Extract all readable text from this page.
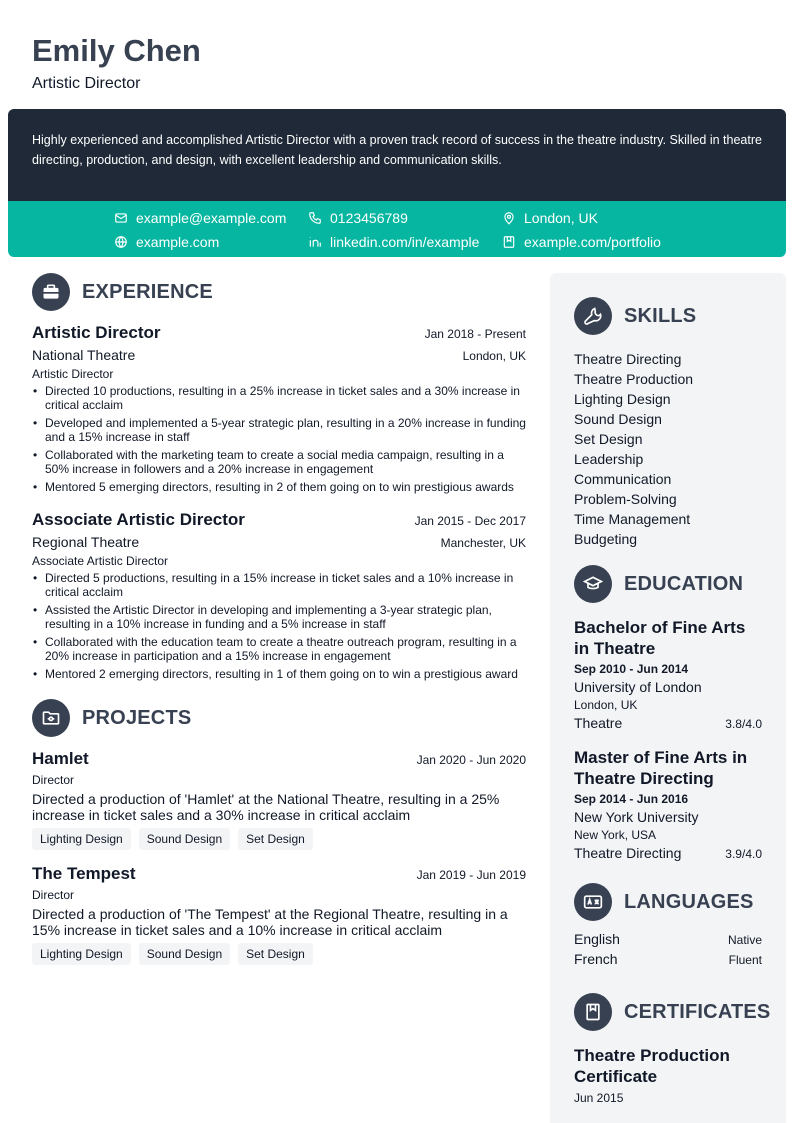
Emily Chen
Artistic Director
Highly experienced and accomplished Artistic Director with a proven track record of success in the theatre industry. Skilled in theatre directing, production, and design, with excellent leadership and communication skills.
example@example.com	0123456789	London, UK
example.com	linkedin.com/in/example	example.com/portfolio
EXPERIENCE
Artistic Director	Jan 2018 - Present
National Theatre	London, UK
Artistic Director
• Directed 10 productions, resulting in a 25% increase in ticket sales and a 30% increase in critical acclaim
• Developed and implemented a 5-year strategic plan, resulting in a 20% increase in funding and a 15% increase in staff
• Collaborated with the marketing team to create a social media campaign, resulting in a 50% increase in followers and a 20% increase in engagement
• Mentored 5 emerging directors, resulting in 2 of them going on to win prestigious awards
Associate Artistic Director	Jan 2015 - Dec 2017
Regional Theatre	Manchester, UK
Associate Artistic Director
• Directed 5 productions, resulting in a 15% increase in ticket sales and a 10% increase in critical acclaim
• Assisted the Artistic Director in developing and implementing a 3-year strategic plan, resulting in a 10% increase in funding and a 5% increase in staff
• Collaborated with the education team to create a theatre outreach program, resulting in a 20% increase in participation and a 15% increase in engagement
• Mentored 2 emerging directors, resulting in 1 of them going on to win a prestigious award
PROJECTS
Hamlet	Jan 2020 - Jun 2020
Director
Directed a production of 'Hamlet' at the National Theatre, resulting in a 25% increase in ticket sales and a 30% increase in critical acclaim
Lighting Design	Sound Design	Set Design
The Tempest	Jan 2019 - Jun 2019
Director
Directed a production of 'The Tempest' at the Regional Theatre, resulting in a 15% increase in ticket sales and a 10% increase in critical acclaim
Lighting Design	Sound Design	Set Design
SKILLS
Theatre Directing
Theatre Production
Lighting Design
Sound Design
Set Design
Leadership
Communication
Problem-Solving
Time Management
Budgeting
EDUCATION
Bachelor of Fine Arts in Theatre
Sep 2010 - Jun 2014
University of London
London, UK
Theatre	3.8/4.0
Master of Fine Arts in Theatre Directing
Sep 2014 - Jun 2016
New York University
New York, USA
Theatre Directing	3.9/4.0
LANGUAGES
English	Native
French	Fluent
CERTIFICATES
Theatre Production Certificate
Jun 2015
